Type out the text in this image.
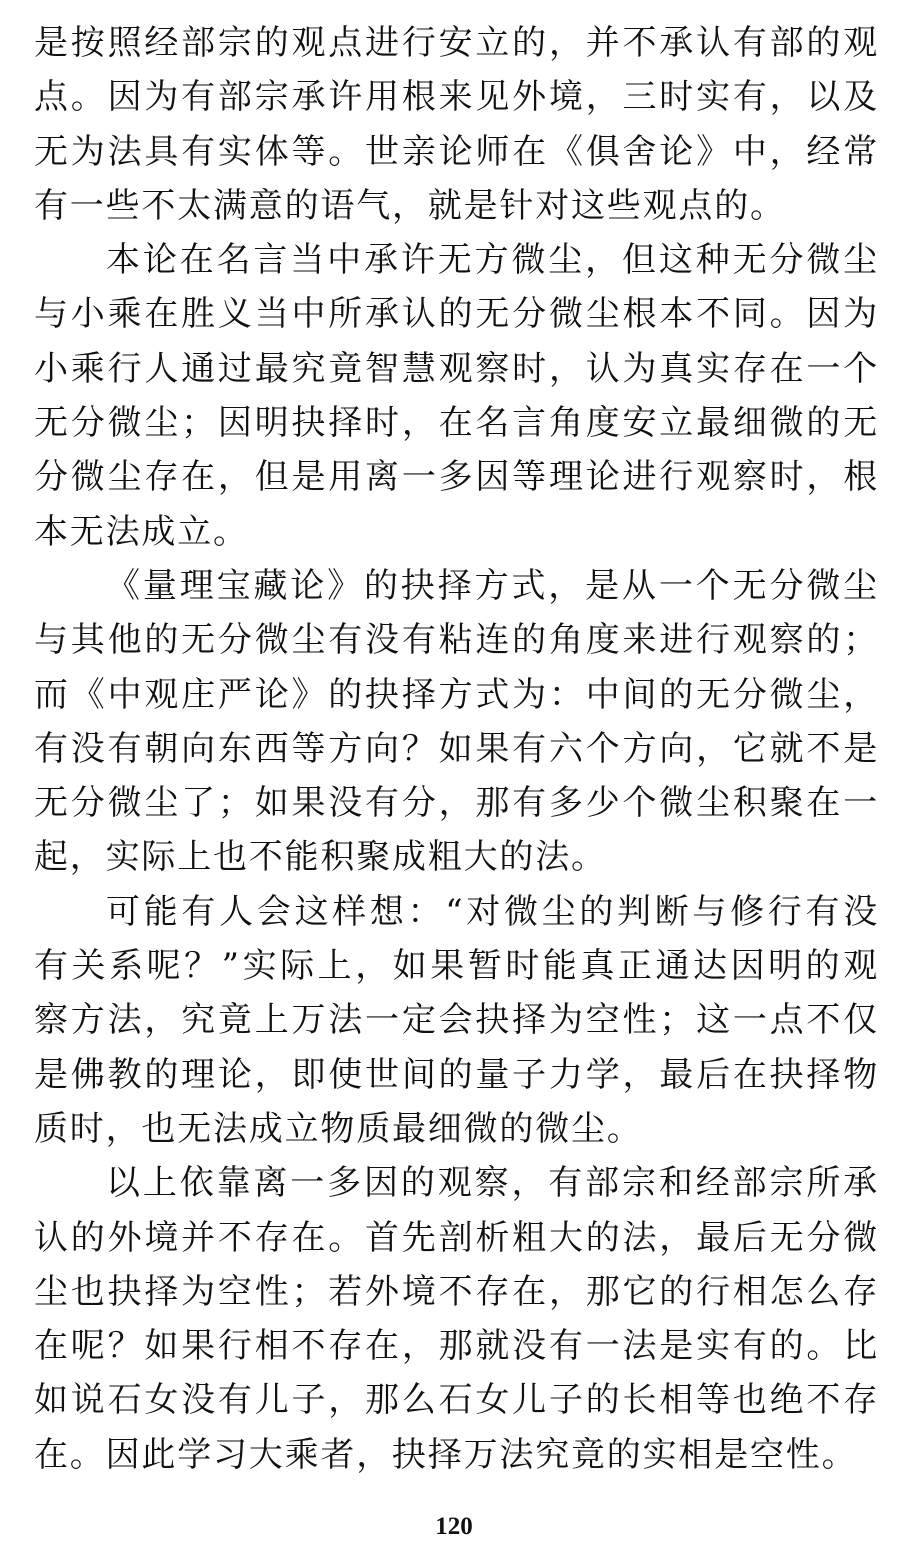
是按照经部宗的观点进行安立的，并不承认有部的观
点。因为有部宗承许用根来见外境，三时实有，以及
无为法具有实体等。世亲论师在《俱舍论》中，经常
有一些不太满意的语气，就是针对这些观点的。
本论在名言当中承许无方微尘，但这种无分微尘
与小乘在胜义当中所承认的无分微尘根本不同。因为
小乘行人通过最究竟智慧观察时，认为真实存在一个
无分微尘；因明抉择时，在名言角度安立最细微的无
分微尘存在，但是用离一多因等理论进行观察时，根
本无法成立。
《量理宝藏论》的抉择方式，是从一个无分微尘
与其他的无分微尘有没有粘连的角度来进行观察的；
而《中观庄严论》的抉择方式为：中间的无分微尘，
有没有朝向东西等方向？如果有六个方向，它就不是
无分微尘了；如果没有分，那有多少个微尘积聚在一
起，实际上也不能积聚成粗大的法。
可能有人会这样想：“对微尘的判断与修行有没
有关系呢？”实际上，如果暂时能真正通达因明的观
察方法，究竟上万法一定会抉择为空性；这一点不仅
是佛教的理论，即使世间的量子力学，最后在抉择物
质时，也无法成立物质最细微的微尘。
以上依靠离一多因的观察，有部宗和经部宗所承
认的外境并不存在。首先剖析粗大的法，最后无分微
尘也抉择为空性；若外境不存在，那它的行相怎么存
在呢？如果行相不存在，那就没有一法是实有的。比
如说石女没有儿子，那么石女儿子的长相等也绝不存
在。因此学习大乘者，抉择万法究竟的实相是空性。
120
